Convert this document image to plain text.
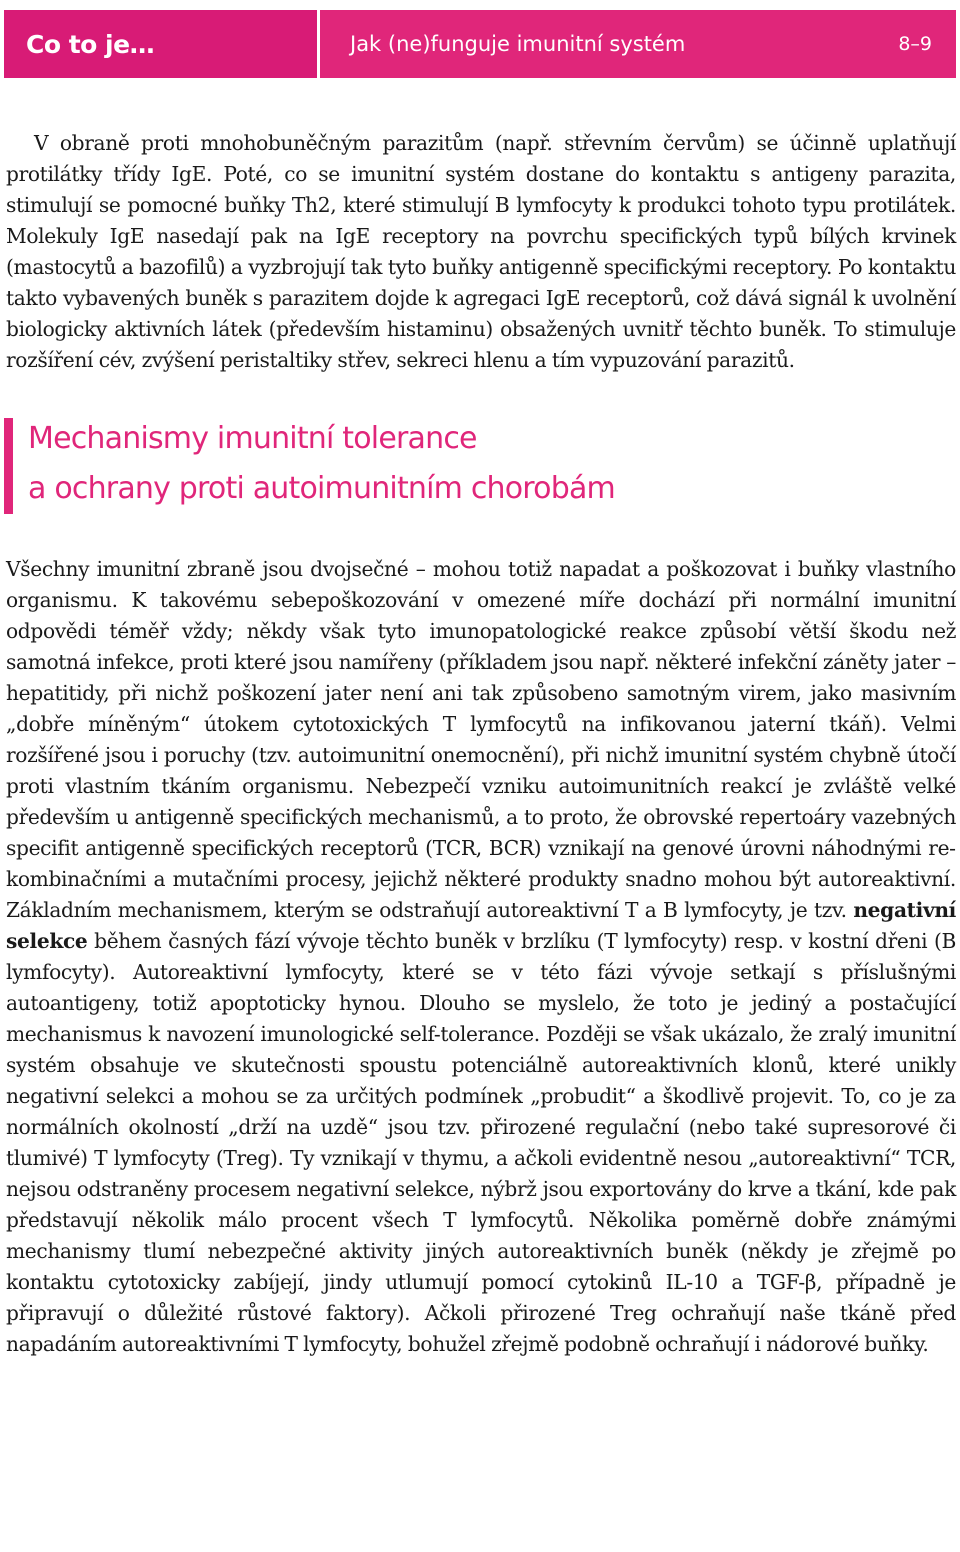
Co to je…	Jak (ne)funguje imunitní systém	8–9

V obraně proti mnohobuněčným parazitům (např. střevním červům) se účinně uplatňují protilátky třídy IgE. Poté, co se imunitní systém dostane do kontaktu s antigeny parazita, stimulují se pomocné buňky Th2, které stimulují B lymfocyty k produkci tohoto typu protilátek. Molekuly IgE nasedají pak na IgE receptory na povrchu specifických typů bílých krvinek (mastocytů a bazofilů) a vyzbrojují tak tyto buňky antigenně specifickými receptory. Po kontaktu takto vybavených buněk s parazitem dojde k agregaci IgE receptorů, což dává signál k uvolnění biologicky aktivních látek (především histaminu) obsažených uvnitř těchto buněk. To stimuluje rozšíření cév, zvýšení peristaltiky střev, sekreci hlenu a tím vypuzování parazitů.

Mechanismy imunitní tolerance
a ochrany proti autoimunitním chorobám

Všechny imunitní zbraně jsou dvojsečné – mohou totiž napadat a poškozovat i buňky vlastního organismu. K takovému sebepoškozování v omezené míře dochází při normální imunitní odpovědi téměř vždy; někdy však tyto imunopatologické reakce způsobí větší škodu než samotná infekce, proti které jsou namířeny (příkladem jsou např. některé infekční záněty jater – hepatitidy, při nichž poškození jater není ani tak způsobeno samotným virem, jako masivním „dobře míněným“ útokem cytotoxických T lymfocytů na infikovanou jaterní tkáň). Velmi rozšířené jsou i poruchy (tzv. autoimunitní onemocnění), při nichž imunitní systém chybně útočí proti vlastním tkáním organismu. Nebezpečí vzniku autoimunitních reakcí je zvláště velké především u antigenně specifických mechanismů, a to proto, že obrovské repertoáry vazebných specifit antigenně specifických receptorů (TCR, BCR) vznikají na genové úrovni náhodnými rekombinačními a mutačními procesy, jejichž některé produkty snadno mohou být autoreaktivní. Základním mechanismem, kterým se odstraňují autoreaktivní T a B lymfocyty, je tzv. negativní selekce během časných fází vývoje těchto buněk v brzlíku (T lymfocyty) resp. v kostní dřeni (B lymfocyty). Autoreaktivní lymfocyty, které se v této fázi vývoje setkají s příslušnými autoantigeny, totiž apoptoticky hynou. Dlouho se myslelo, že toto je jediný a postačující mechanismus k navození imunologické self-tolerance. Později se však ukázalo, že zralý imunitní systém obsahuje ve skutečnosti spoustu potenciálně autoreaktivních klonů, které unikly negativní selekci a mohou se za určitých podmínek „probudit“ a škodlivě projevit. To, co je za normálních okolností „drží na uzdě“ jsou tzv. přirozené regulační (nebo také supresorové či tlumivé) T lymfocyty (Treg). Ty vznikají v thymu, a ačkoli evidentně nesou „autoreaktivní“ TCR, nejsou odstraněny procesem negativní selekce, nýbrž jsou exportovány do krve a tkání, kde pak představují několik málo procent všech T lymfocytů. Několika poměrně dobře známými mechanismy tlumí nebezpečné aktivity jiných autoreaktivních buněk (někdy je zřejmě po kontaktu cytotoxicky zabíjejí, jindy utlumují pomocí cytokinů IL-10 a TGF-β, případně je připravují o důležité růstové faktory). Ačkoli přirozené Treg ochraňují naše tkáně před napadáním autoreaktivními T lymfocyty, bohužel zřejmě podobně ochraňují i nádorové buňky.
